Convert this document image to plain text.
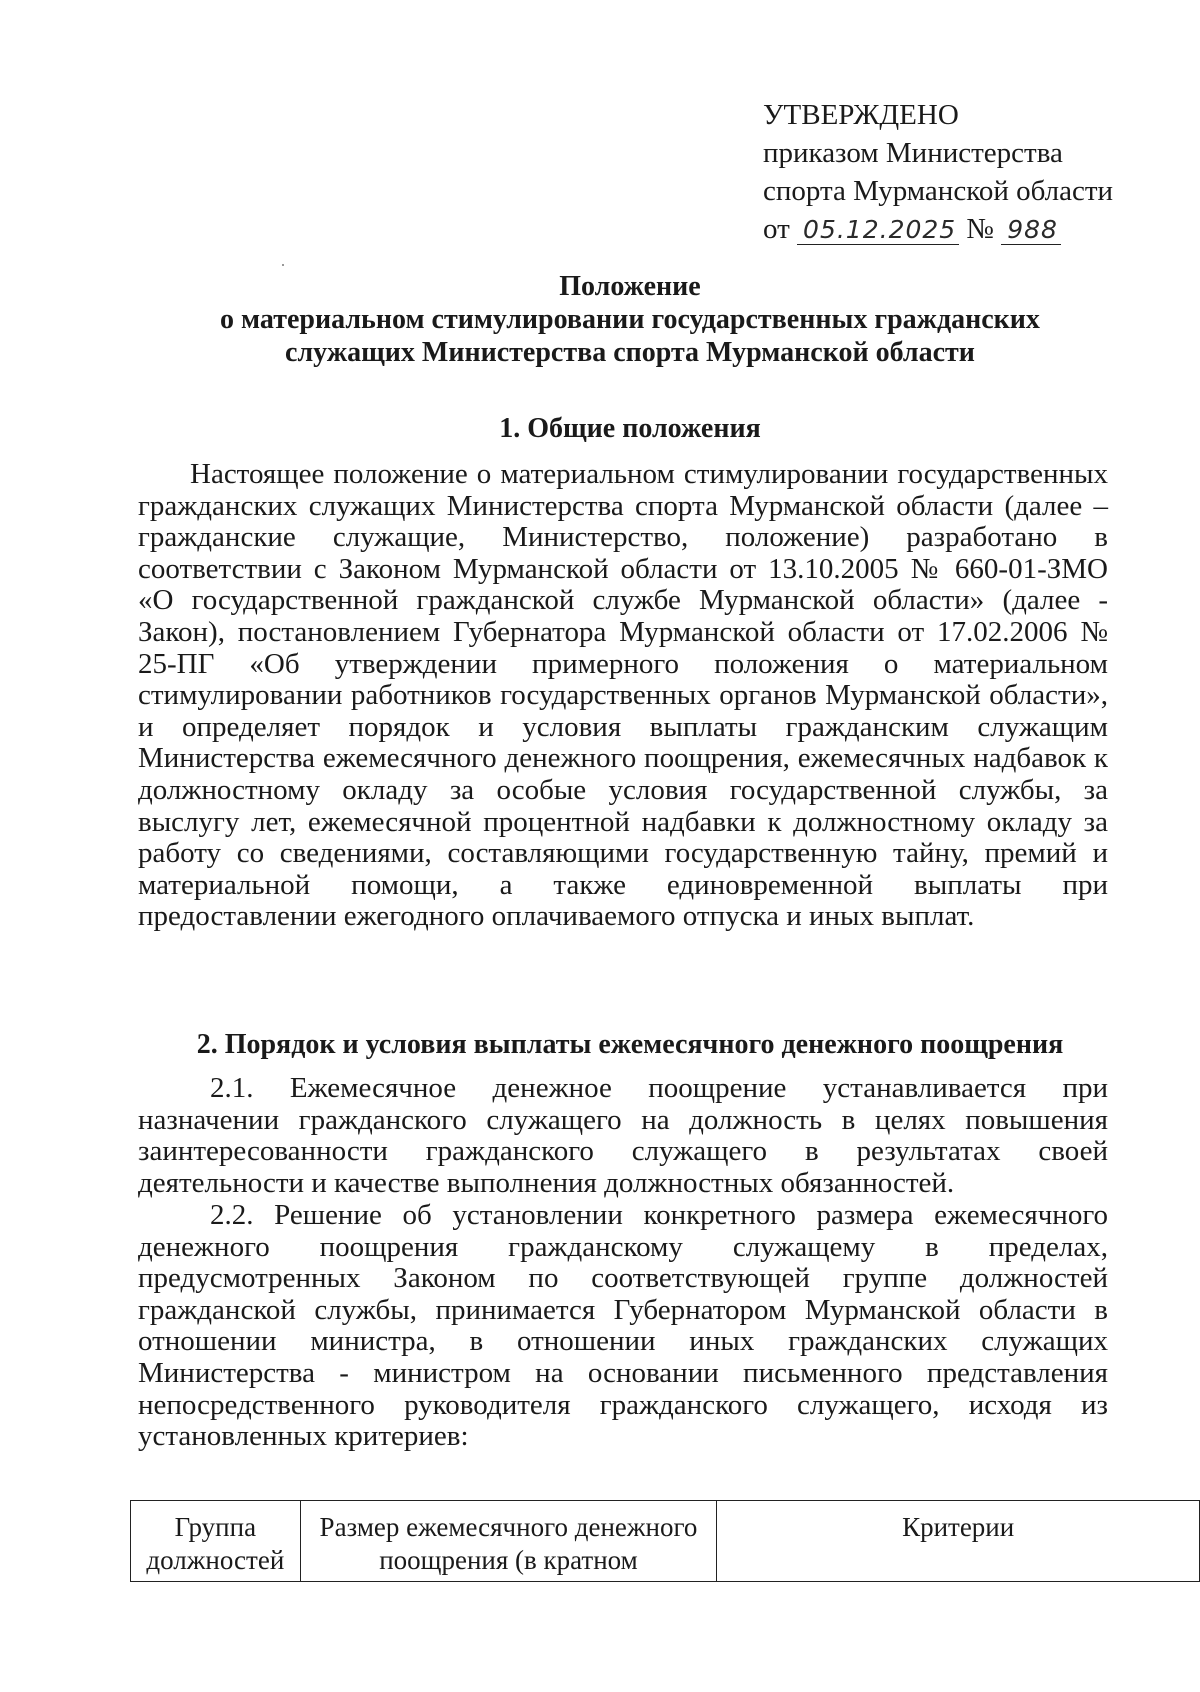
УТВЕРЖДЕНО
приказом Министерства
спорта Мурманской области
от 05.12.2025 № 988
Положение
о материальном стимулировании государственных гражданских
служащих Министерства спорта Мурманской области
1. Общие положения
Настоящее положение о материальном стимулировании государственных гражданских служащих Министерства спорта Мурманской области (далее – гражданские служащие, Министерство, положение) разработано в соответствии с Законом Мурманской области от 13.10.2005 № 660-01-ЗМО «О государственной гражданской службе Мурманской области» (далее - Закон), постановлением Губернатора Мурманской области от 17.02.2006 № 25-ПГ «Об утверждении примерного положения о материальном стимулировании работников государственных органов Мурманской области», и определяет порядок и условия выплаты гражданским служащим Министерства ежемесячного денежного поощрения, ежемесячных надбавок к должностному окладу за особые условия государственной службы, за выслугу лет, ежемесячной процентной надбавки к должностному окладу за работу со сведениями, составляющими государственную тайну, премий и материальной помощи, а также единовременной выплаты при предоставлении ежегодного оплачиваемого отпуска и иных выплат.
2. Порядок и условия выплаты ежемесячного денежного поощрения
2.1. Ежемесячное денежное поощрение устанавливается при назначении гражданского служащего на должность в целях повышения заинтересованности гражданского служащего в результатах своей деятельности и качестве выполнения должностных обязанностей.
2.2. Решение об установлении конкретного размера ежемесячного денежного поощрения гражданскому служащему в пределах, предусмотренных Законом по соответствующей группе должностей гражданской службы, принимается Губернатором Мурманской области в отношении министра, в отношении иных гражданских служащих Министерства - министром на основании письменного представления непосредственного руководителя гражданского служащего, исходя из установленных критериев:
Группа должностей	Размер ежемесячного денежного поощрения (в кратном	Критерии
